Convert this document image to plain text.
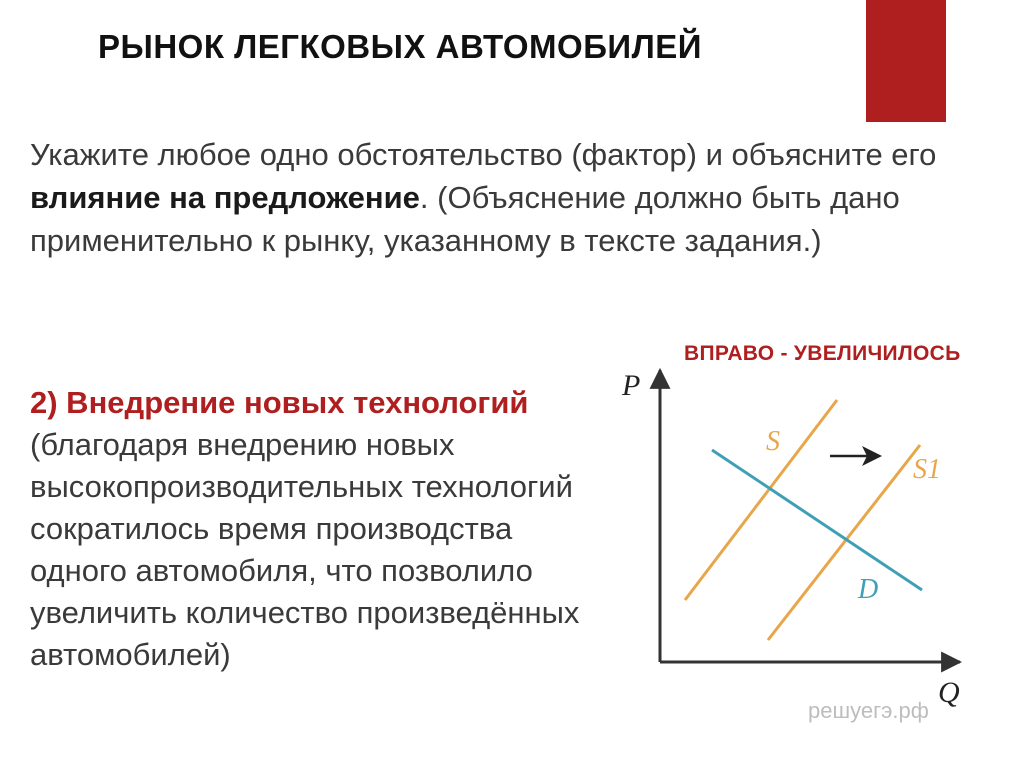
РЫНОК ЛЕГКОВЫХ АВТОМОБИЛЕЙ

Укажите любое одно обстоятельство (фактор) и объясните его влияние на предложение. (Объяснение должно быть дано применительно к рынку, указанному в тексте задания.)

2) Внедрение новых технологий
(благодаря внедрению новых высокопроизводительных технологий сократилось время производства одного автомобиля, что позволило увеличить количество произведённых автомобилей)
ВПРАВО - УВЕЛИЧИЛОСЬ
P
Q
S
S1
D
решуегэ.рф
